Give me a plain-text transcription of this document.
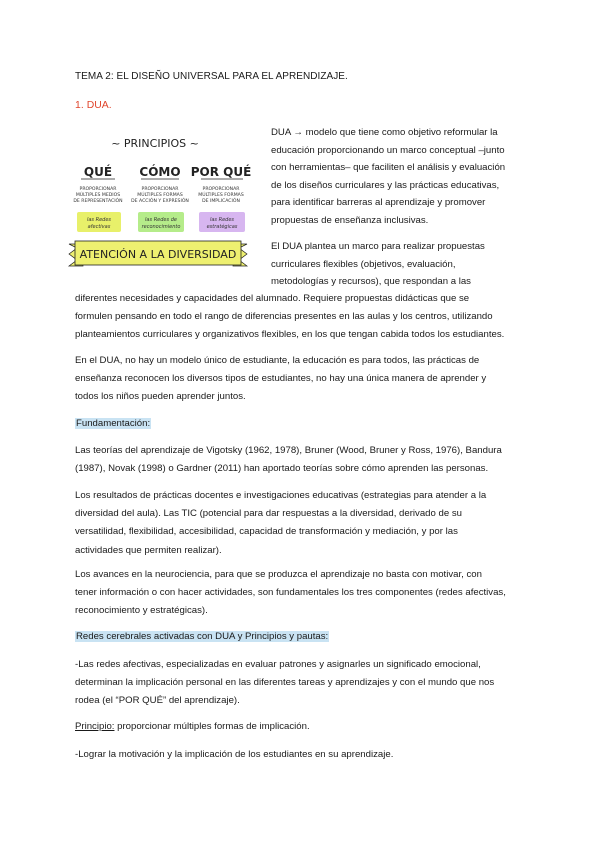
TEMA 2: EL DISEÑO UNIVERSAL PARA EL APRENDIZAJE.
1. DUA.
~ PRINCIPIOS ~
QUÉ
PROPORCIONAR
MÚLTIPLES MEDIOS
DE REPRESENTACIÓN
las Redes
afectivas
CÓMO
PROPORCIONAR
MÚLTIPLES FORMAS
DE ACCIÓN Y EXPRESIÓN
las Redes de
reconocimiento
POR QUÉ
PROPORCIONAR
MÚLTIPLES FORMAS
DE IMPLICACIÓN
las Redes
estratégicas
ATENCIÓN A LA DIVERSIDAD
DUA → modelo que tiene como objetivo reformular la
educación proporcionando un marco conceptual –junto
con herramientas– que faciliten el análisis y evaluación
de los diseños curriculares y las prácticas educativas,
para identificar barreras al aprendizaje y promover
propuestas de enseñanza inclusivas.
El DUA plantea un marco para realizar propuestas
curriculares flexibles (objetivos, evaluación,
metodologías y recursos), que respondan a las
diferentes necesidades y capacidades del alumnado. Requiere propuestas didácticas que se
formulen pensando en todo el rango de diferencias presentes en las aulas y los centros, utilizando
planteamientos curriculares y organizativos flexibles, en los que tengan cabida todos los estudiantes.
En el DUA, no hay un modelo único de estudiante, la educación es para todos, las prácticas de
enseñanza reconocen los diversos tipos de estudiantes, no hay una única manera de aprender y
todos los niños pueden aprender juntos.
Fundamentación:
Las teorías del aprendizaje de Vigotsky (1962, 1978), Bruner (Wood, Bruner y Ross, 1976), Bandura
(1987), Novak (1998) o Gardner (2011) han aportado teorías sobre cómo aprenden las personas.
Los resultados de prácticas docentes e investigaciones educativas (estrategias para atender a la
diversidad del aula). Las TIC (potencial para dar respuestas a la diversidad, derivado de su
versatilidad, flexibilidad, accesibilidad, capacidad de transformación y mediación, y por las
actividades que permiten realizar).
Los avances en la neurociencia, para que se produzca el aprendizaje no basta con motivar, con
tener información o con hacer actividades, son fundamentales los tres componentes (redes afectivas,
reconocimiento y estratégicas).
Redes cerebrales activadas con DUA y Principios y pautas:
-Las redes afectivas, especializadas en evaluar patrones y asignarles un significado emocional,
determinan la implicación personal en las diferentes tareas y aprendizajes y con el mundo que nos
rodea (el “POR QUÉ” del aprendizaje).
Principio: proporcionar múltiples formas de implicación.
-Lograr la motivación y la implicación de los estudiantes en su aprendizaje.
